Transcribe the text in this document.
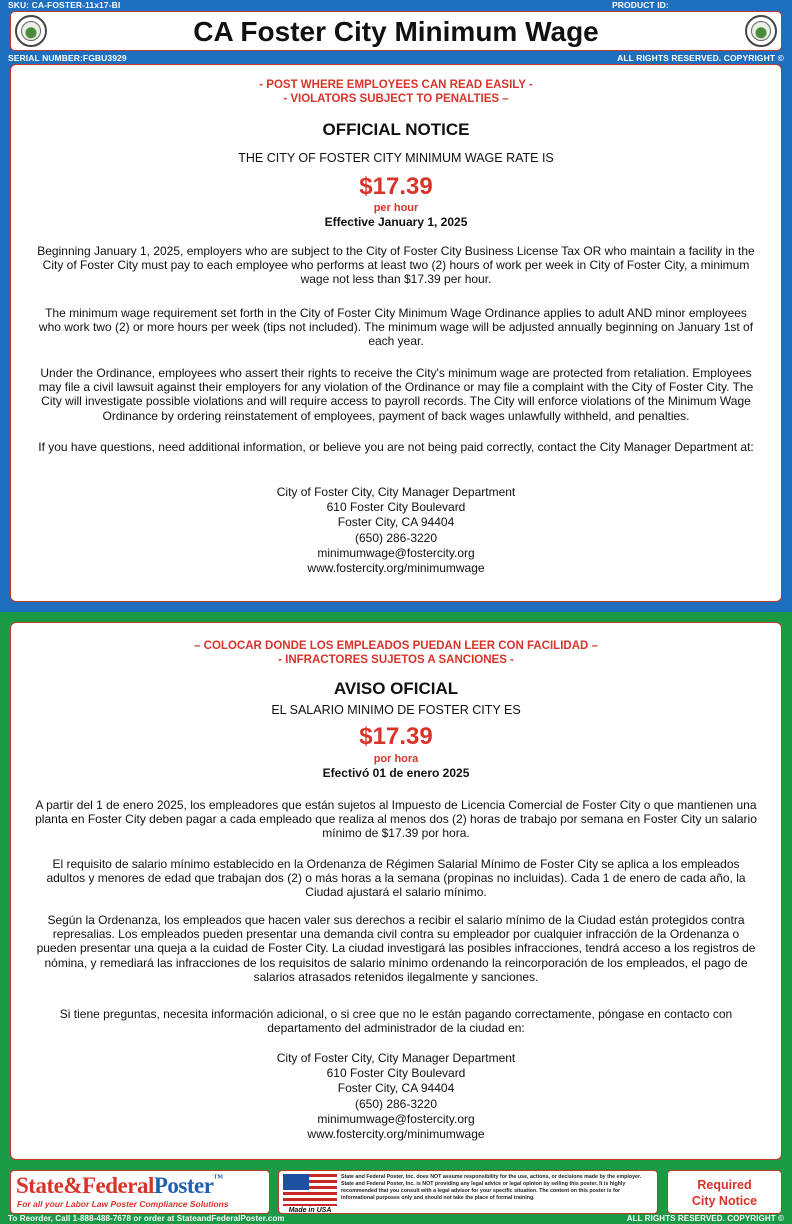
SKU: CA-FOSTER-11x17-BI	PRODUCT ID:
CA Foster City Minimum Wage
SERIAL NUMBER:FGBU3929	ALL RIGHTS RESERVED. COPYRIGHT ©
- POST WHERE EMPLOYEES CAN READ EASILY -
- VIOLATORS SUBJECT TO PENALTIES –
OFFICIAL NOTICE
THE CITY OF FOSTER CITY MINIMUM WAGE RATE IS
$17.39
per hour
Effective January 1, 2025
Beginning January 1, 2025, employers who are subject to the City of Foster City Business License Tax OR who maintain a facility in the City of Foster City must pay to each employee who performs at least two (2) hours of work per week in City of Foster City, a minimum wage not less than $17.39 per hour.
The minimum wage requirement set forth in the City of Foster City Minimum Wage Ordinance applies to adult AND minor employees who work two (2) or more hours per week (tips not included). The minimum wage will be adjusted annually beginning on January 1st of each year.
Under the Ordinance, employees who assert their rights to receive the City's minimum wage are protected from retaliation. Employees may file a civil lawsuit against their employers for any violation of the Ordinance or may file a complaint with the City of Foster City. The City will investigate possible violations and will require access to payroll records. The City will enforce violations of the Minimum Wage Ordinance by ordering reinstatement of employees, payment of back wages unlawfully withheld, and penalties.
If you have questions, need additional information, or believe you are not being paid correctly, contact the City Manager Department at:
City of Foster City, City Manager Department
610 Foster City Boulevard
Foster City, CA 94404
(650) 286-3220
minimumwage@fostercity.org
www.fostercity.org/minimumwage
– COLOCAR DONDE LOS EMPLEADOS PUEDAN LEER CON FACILIDAD –
- INFRACTORES SUJETOS A SANCIONES -
AVISO OFICIAL
EL SALARIO MINIMO DE FOSTER CITY ES
$17.39
por hora
Efectivó 01 de enero 2025
A partir del 1 de enero 2025, los empleadores que están sujetos al Impuesto de Licencia Comercial de Foster City o que mantienen una planta en Foster City deben pagar a cada empleado que realiza al menos dos (2) horas de trabajo por semana en Foster City un salario mínimo de $17.39 por hora.
El requisito de salario mínimo establecido en la Ordenanza de Régimen Salarial Mínimo de Foster City se aplica a los empleados adultos y menores de edad que trabajan dos (2) o más horas a la semana (propinas no incluidas). Cada 1 de enero de cada año, la Ciudad ajustará el salario mínimo.
Según la Ordenanza, los empleados que hacen valer sus derechos a recibir el salario mínimo de la Ciudad están protegidos contra represalias. Los empleados pueden presentar una demanda civil contra su empleador por cualquier infracción de la Ordenanza o pueden presentar una queja a la cuidad de Foster City. La ciudad investigará las posibles infracciones, tendrá acceso a los registros de nómina, y remediará las infracciones de los requisitos de salario mínimo ordenando la reincorporación de los empleados, el pago de salarios atrasados retenidos ilegalmente y sanciones.
Si tiene preguntas, necesita información adicional, o si cree que no le están pagando correctamente, póngase en contacto con departamento del administrador de la ciudad en:
City of Foster City, City Manager Department
610 Foster City Boulevard
Foster City, CA 94404
(650) 286-3220
minimumwage@fostercity.org
www.fostercity.org/minimumwage
State&FederalPoster™
For all your Labor Law Poster Compliance Solutions
Made in USA
State and Federal Poster, Inc. does NOT assume responsibility for the use, actions, or decisions made by the employer. State and Federal Poster, Inc. is NOT providing any legal advice or legal opinion by selling this poster. It is highly recommended that you consult with a legal advisor for your specific situation. The content on this poster is for informational purposes only and should not take the place of formal training.
Required
City Notice
To Reorder, Call 1-888-488-7678 or order at StateandFederalPoster.com	ALL RIGHTS RESERVED. COPYRIGHT ©
